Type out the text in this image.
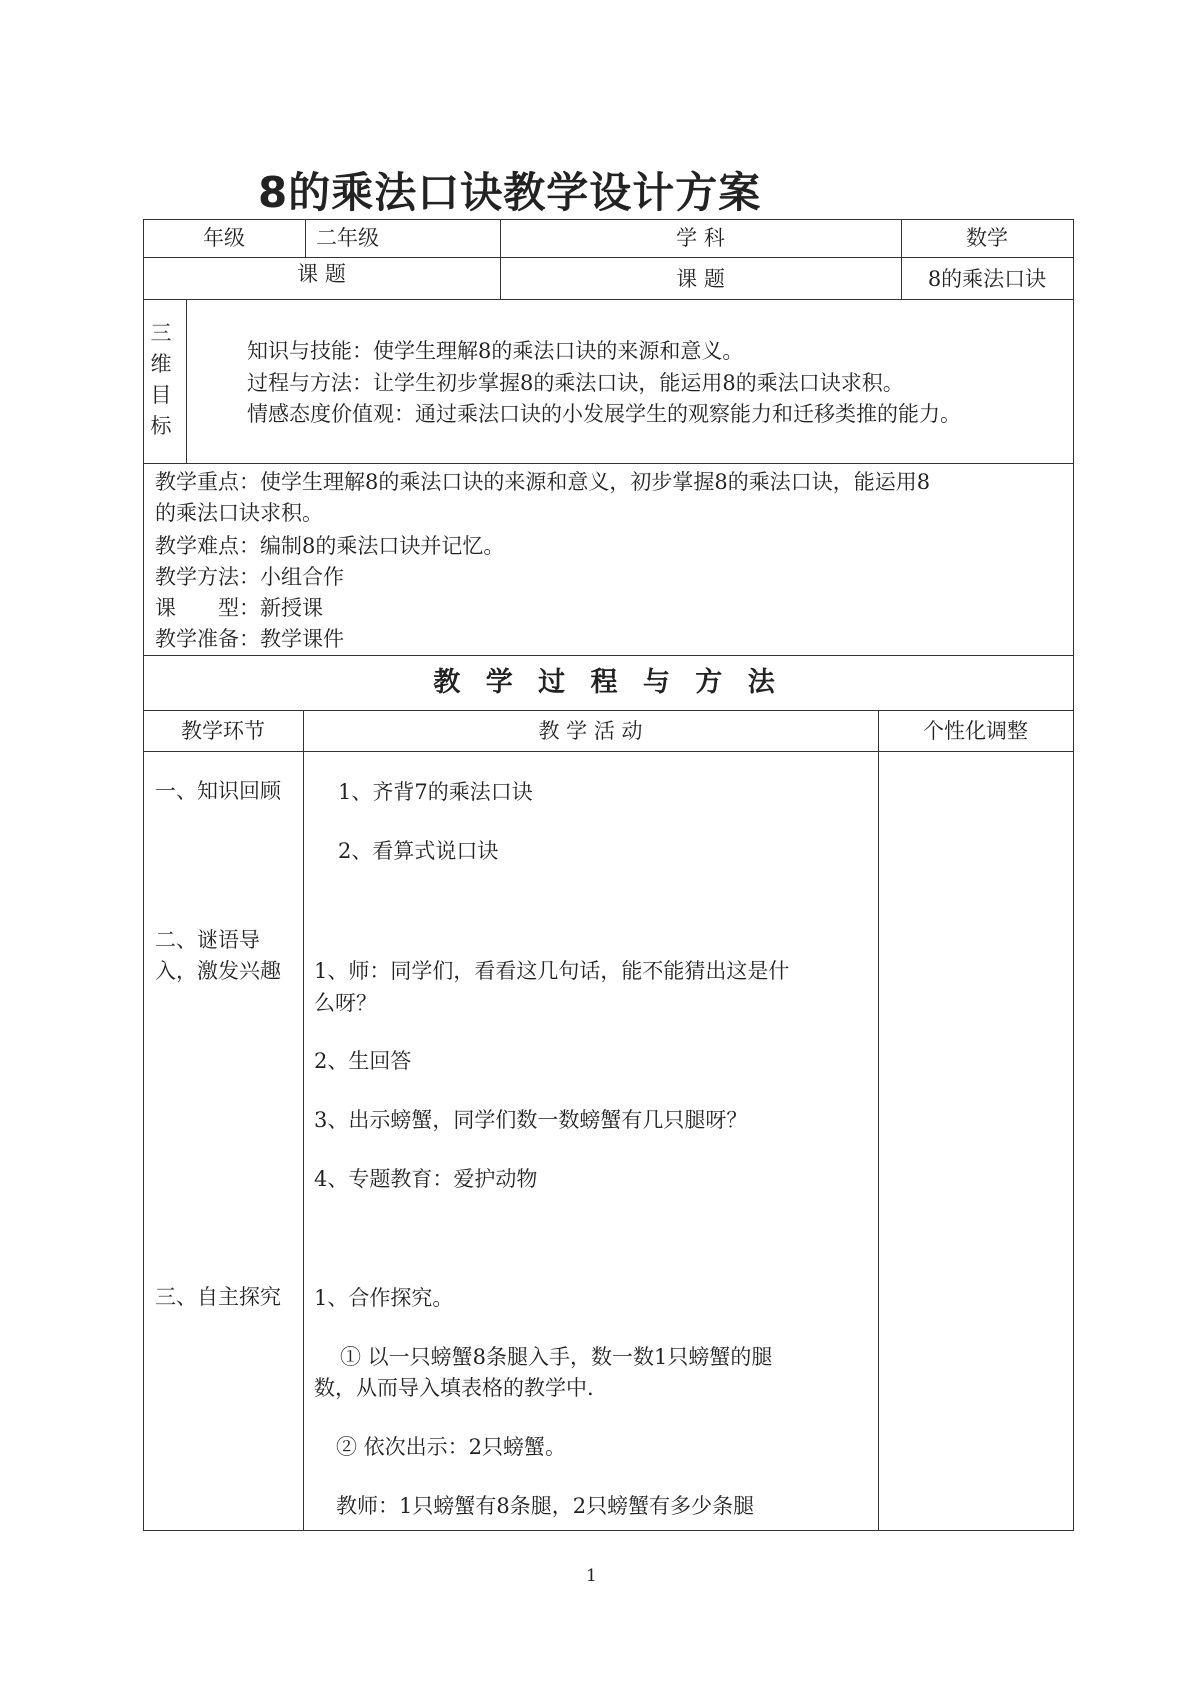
8的乘法口诀教学设计方案
年级	二年级	学 科	数学
课 题	课 题	8的乘法口诀
三维目标
知识与技能：使学生理解8的乘法口诀的来源和意义。
过程与方法：让学生初步掌握8的乘法口诀，能运用8的乘法口诀求积。
情感态度价值观：通过乘法口诀的小发展学生的观察能力和迁移类推的能力。
教学重点：使学生理解8的乘法口诀的来源和意义，初步掌握8的乘法口诀，能运用8
的乘法口诀求积。
教学难点：编制8的乘法口诀并记忆。
教学方法：小组合作
课　　型：新授课
教学准备：教学课件
教 学 过 程 与 方 法
教学环节	教 学 活 动	个性化调整
一、知识回顾	1、齐背7的乘法口诀
2、看算式说口诀
二、谜语导入，激发兴趣 1、师：同学们，看看这几句话，能不能猜出这是什
么呀？
2、生回答
3、出示螃蟹，同学们数一数螃蟹有几只腿呀？
4、专题教育：爱护动物
三、自主探究 1、合作探究。
① 以一只螃蟹8条腿入手，数一数1只螃蟹的腿
数，从而导入填表格的教学中.
② 依次出示：2只螃蟹。
教师：1只螃蟹有8条腿，2只螃蟹有多少条腿
1
